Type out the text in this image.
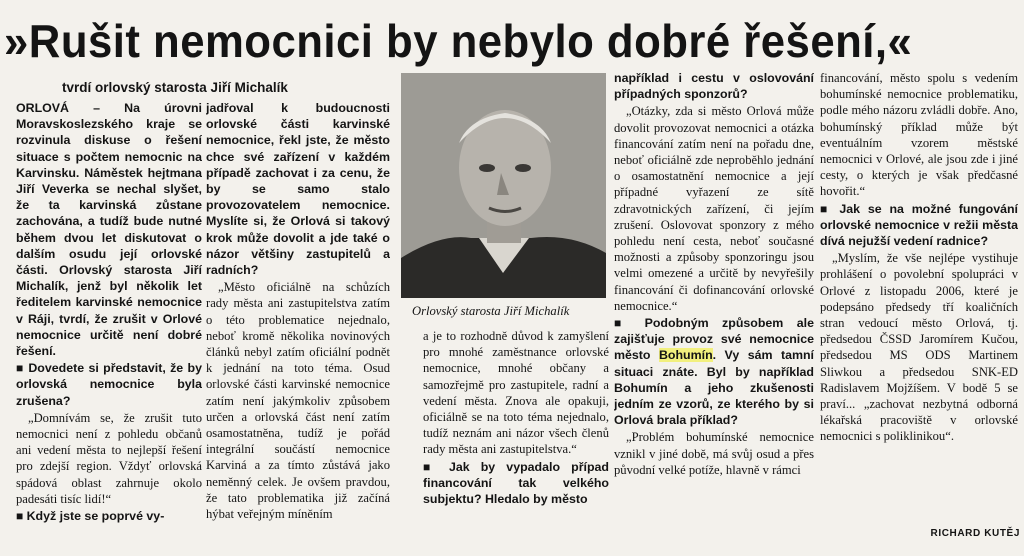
»Rušit nemocnici by nebylo dobré řešení,«
tvrdí orlovský starosta Jiří Michalík

ORLOVÁ – Na úrovni Moravskoslezského kraje se rozvinula diskuse o řešení situace s počtem nemocnic na Karvinsku. Náměstek hejtmana Jiří Veverka se nechal slyšet, že ta karvinská zůstane zachována, a tudíž bude nutné během dvou let diskutovat o dalším osudu její orlovské části. Orlovský starosta Jiří Michalík, jenž byl několik let ředitelem karvinské nemocnice v Ráji, tvrdí, že zrušit v Orlové nemocnice určitě není dobré řešení.

■ Dovedete si představit, že by orlovská nemocnice byla zrušena?

„Domnívám se, že zrušit tuto nemocnici není z pohledu občanů ani vedení města to nejlepší řešení pro zdejší region. Vždyť orlovská spádová oblast zahrnuje okolo padesáti tisíc lidí!“

■ Když jste se poprvé vy-

jadřoval k budoucnosti orlovské části karvinské nemocnice, řekl jste, že město chce své zařízení v každém případě zachovat i za cenu, že by se samo stalo provozovatelem nemocnice. Myslíte si, že Orlová si takový krok může dovolit a jde také o názor většiny zastupitelů a radních?

„Město oficiálně na schůzích rady města ani zastupitelstva zatím o této problematice nejednalo, neboť kromě několika novinových článků nebyl zatím oficiální podnět k jednání na toto téma. Osud orlovské části karvinské nemocnice zatím není jakýmkoliv způsobem určen a orlovská část není zatím osamostatněna, tudíž je pořád integrální součástí nemocnice Karviná a za tímto zůstává jako neměnný celek. Je ovšem pravdou, že tato problematika již začíná hýbat veřejným míněním

Orlovský starosta Jiří Michalík

a je to rozhodně důvod k zamyšlení pro mnohé zaměstnance orlovské nemocnice, mnohé občany a samozřejmě pro zastupitele, radní a vedení města. Znova ale opakuji, oficiálně se na toto téma nejednalo, tudíž neznám ani názor všech členů rady města ani zastupitelstva.“

■ Jak by vypadalo případ financování tak velkého subjektu? Hledalo by město

například i cestu v oslovování případných sponzorů?

„Otázky, zda si město Orlová může dovolit provozovat nemocnici a otázka financování zatím není na pořadu dne, neboť oficiálně zde neproběhlo jednání o osamostatnění nemocnice a její případné vyřazení ze sítě zdravotnických zařízení, či jejím zrušení. Oslovovat sponzory z mého pohledu není cesta, neboť současné možnosti a způsoby sponzoringu jsou velmi omezené a určitě by nevyřešily financování či dofinancování orlovské nemocnice.“

■ Podobným způsobem ale zajišťuje provoz své nemocnice město Bohumín. Vy sám tamní situaci znáte. Byl by například Bohumín a jeho zkušenosti jedním ze vzorů, ze kterého by si Orlová brala příklad?

„Problém bohumínské nemocnice vznikl v jiné době, má svůj osud a přes původní velké potíže, hlavně v rámci

financování, město spolu s vedením bohumínské nemocnice problematiku, podle mého názoru zvládli dobře. Ano, bohumínský příklad může být eventuálním vzorem městské nemocnici v Orlové, ale jsou zde i jiné cesty, o kterých je však předčasné hovořit.“

■ Jak se na možné fungování orlovské nemocnice v režii města dívá nejužší vedení radnice?

„Myslím, že vše nejlépe vystihuje prohlášení o povolební spolupráci v Orlové z listopadu 2006, které je podepsáno předsedy tří koaličních stran vedoucí město Orlová, tj. předsedou ČSSD Jaromírem Kučou, předsedou MS ODS Martinem Sliwkou a předsedou SNK-ED Radislavem Mojžíšem. V bodě 5 se praví... „zachovat nezbytná odborná lékařská pracoviště v orlovské nemocnici s poliklinikou“.

RICHARD KUTĚJ
